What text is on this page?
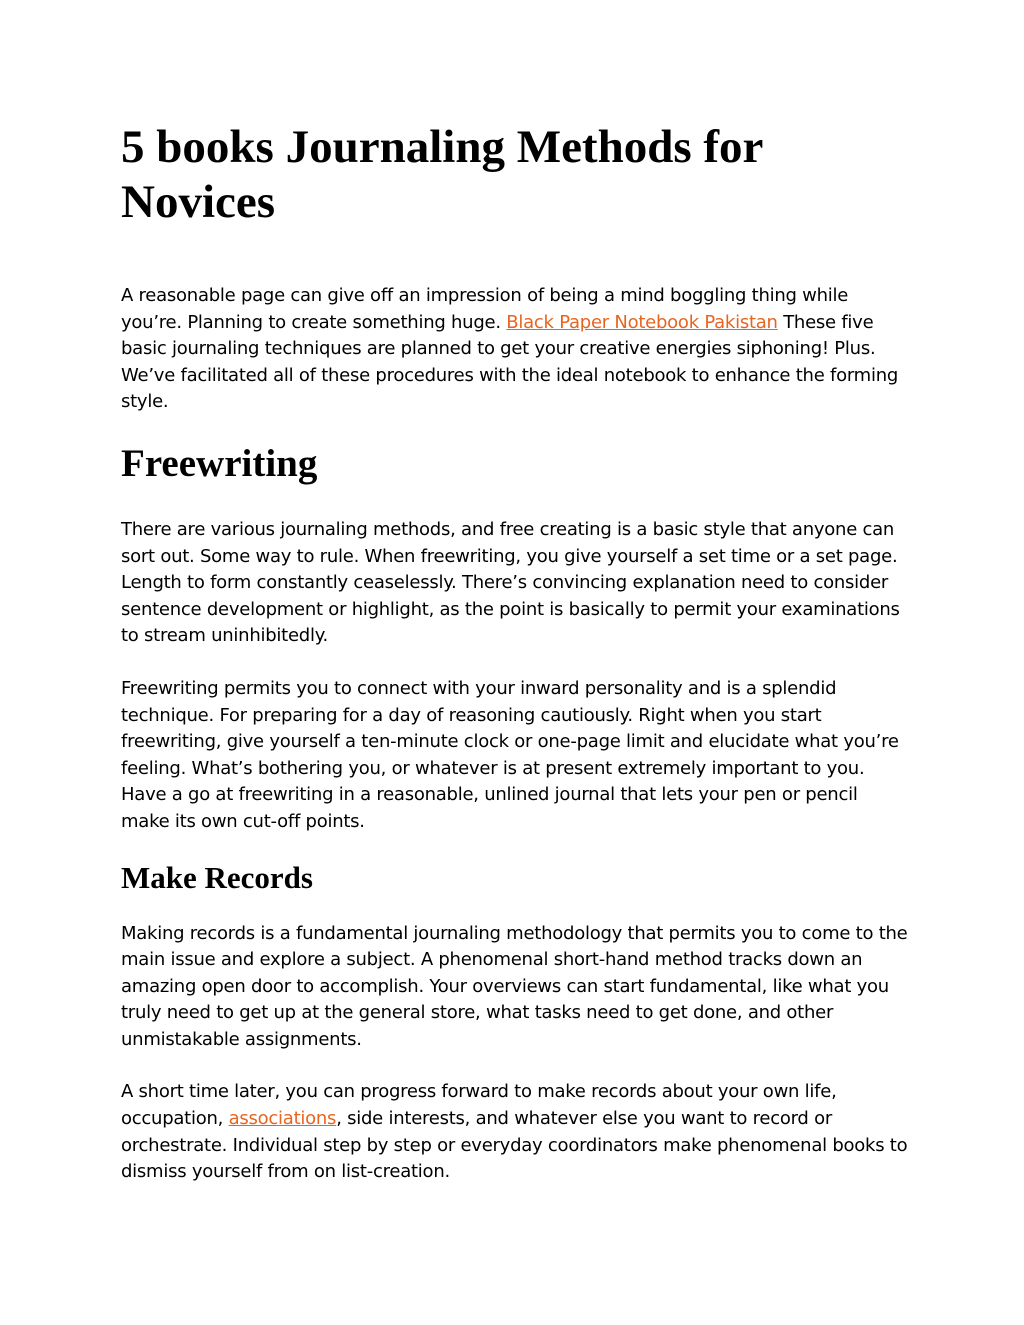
5 books Journaling Methods for Novices

A reasonable page can give off an impression of being a mind boggling thing while you’re. Planning to create something huge. Black Paper Notebook Pakistan These five basic journaling techniques are planned to get your creative energies siphoning! Plus. We’ve facilitated all of these procedures with the ideal notebook to enhance the forming style.

Freewriting

There are various journaling methods, and free creating is a basic style that anyone can sort out. Some way to rule. When freewriting, you give yourself a set time or a set page. Length to form constantly ceaselessly. There’s convincing explanation need to consider sentence development or highlight, as the point is basically to permit your examinations to stream uninhibitedly.

Freewriting permits you to connect with your inward personality and is a splendid technique. For preparing for a day of reasoning cautiously. Right when you start freewriting, give yourself a ten-minute clock or one-page limit and elucidate what you’re feeling. What’s bothering you, or whatever is at present extremely important to you. Have a go at freewriting in a reasonable, unlined journal that lets your pen or pencil make its own cut-off points.

Make Records

Making records is a fundamental journaling methodology that permits you to come to the main issue and explore a subject. A phenomenal short-hand method tracks down an amazing open door to accomplish. Your overviews can start fundamental, like what you truly need to get up at the general store, what tasks need to get done, and other unmistakable assignments.

A short time later, you can progress forward to make records about your own life, occupation, associations, side interests, and whatever else you want to record or orchestrate. Individual step by step or everyday coordinators make phenomenal books to dismiss yourself from on list-creation.
